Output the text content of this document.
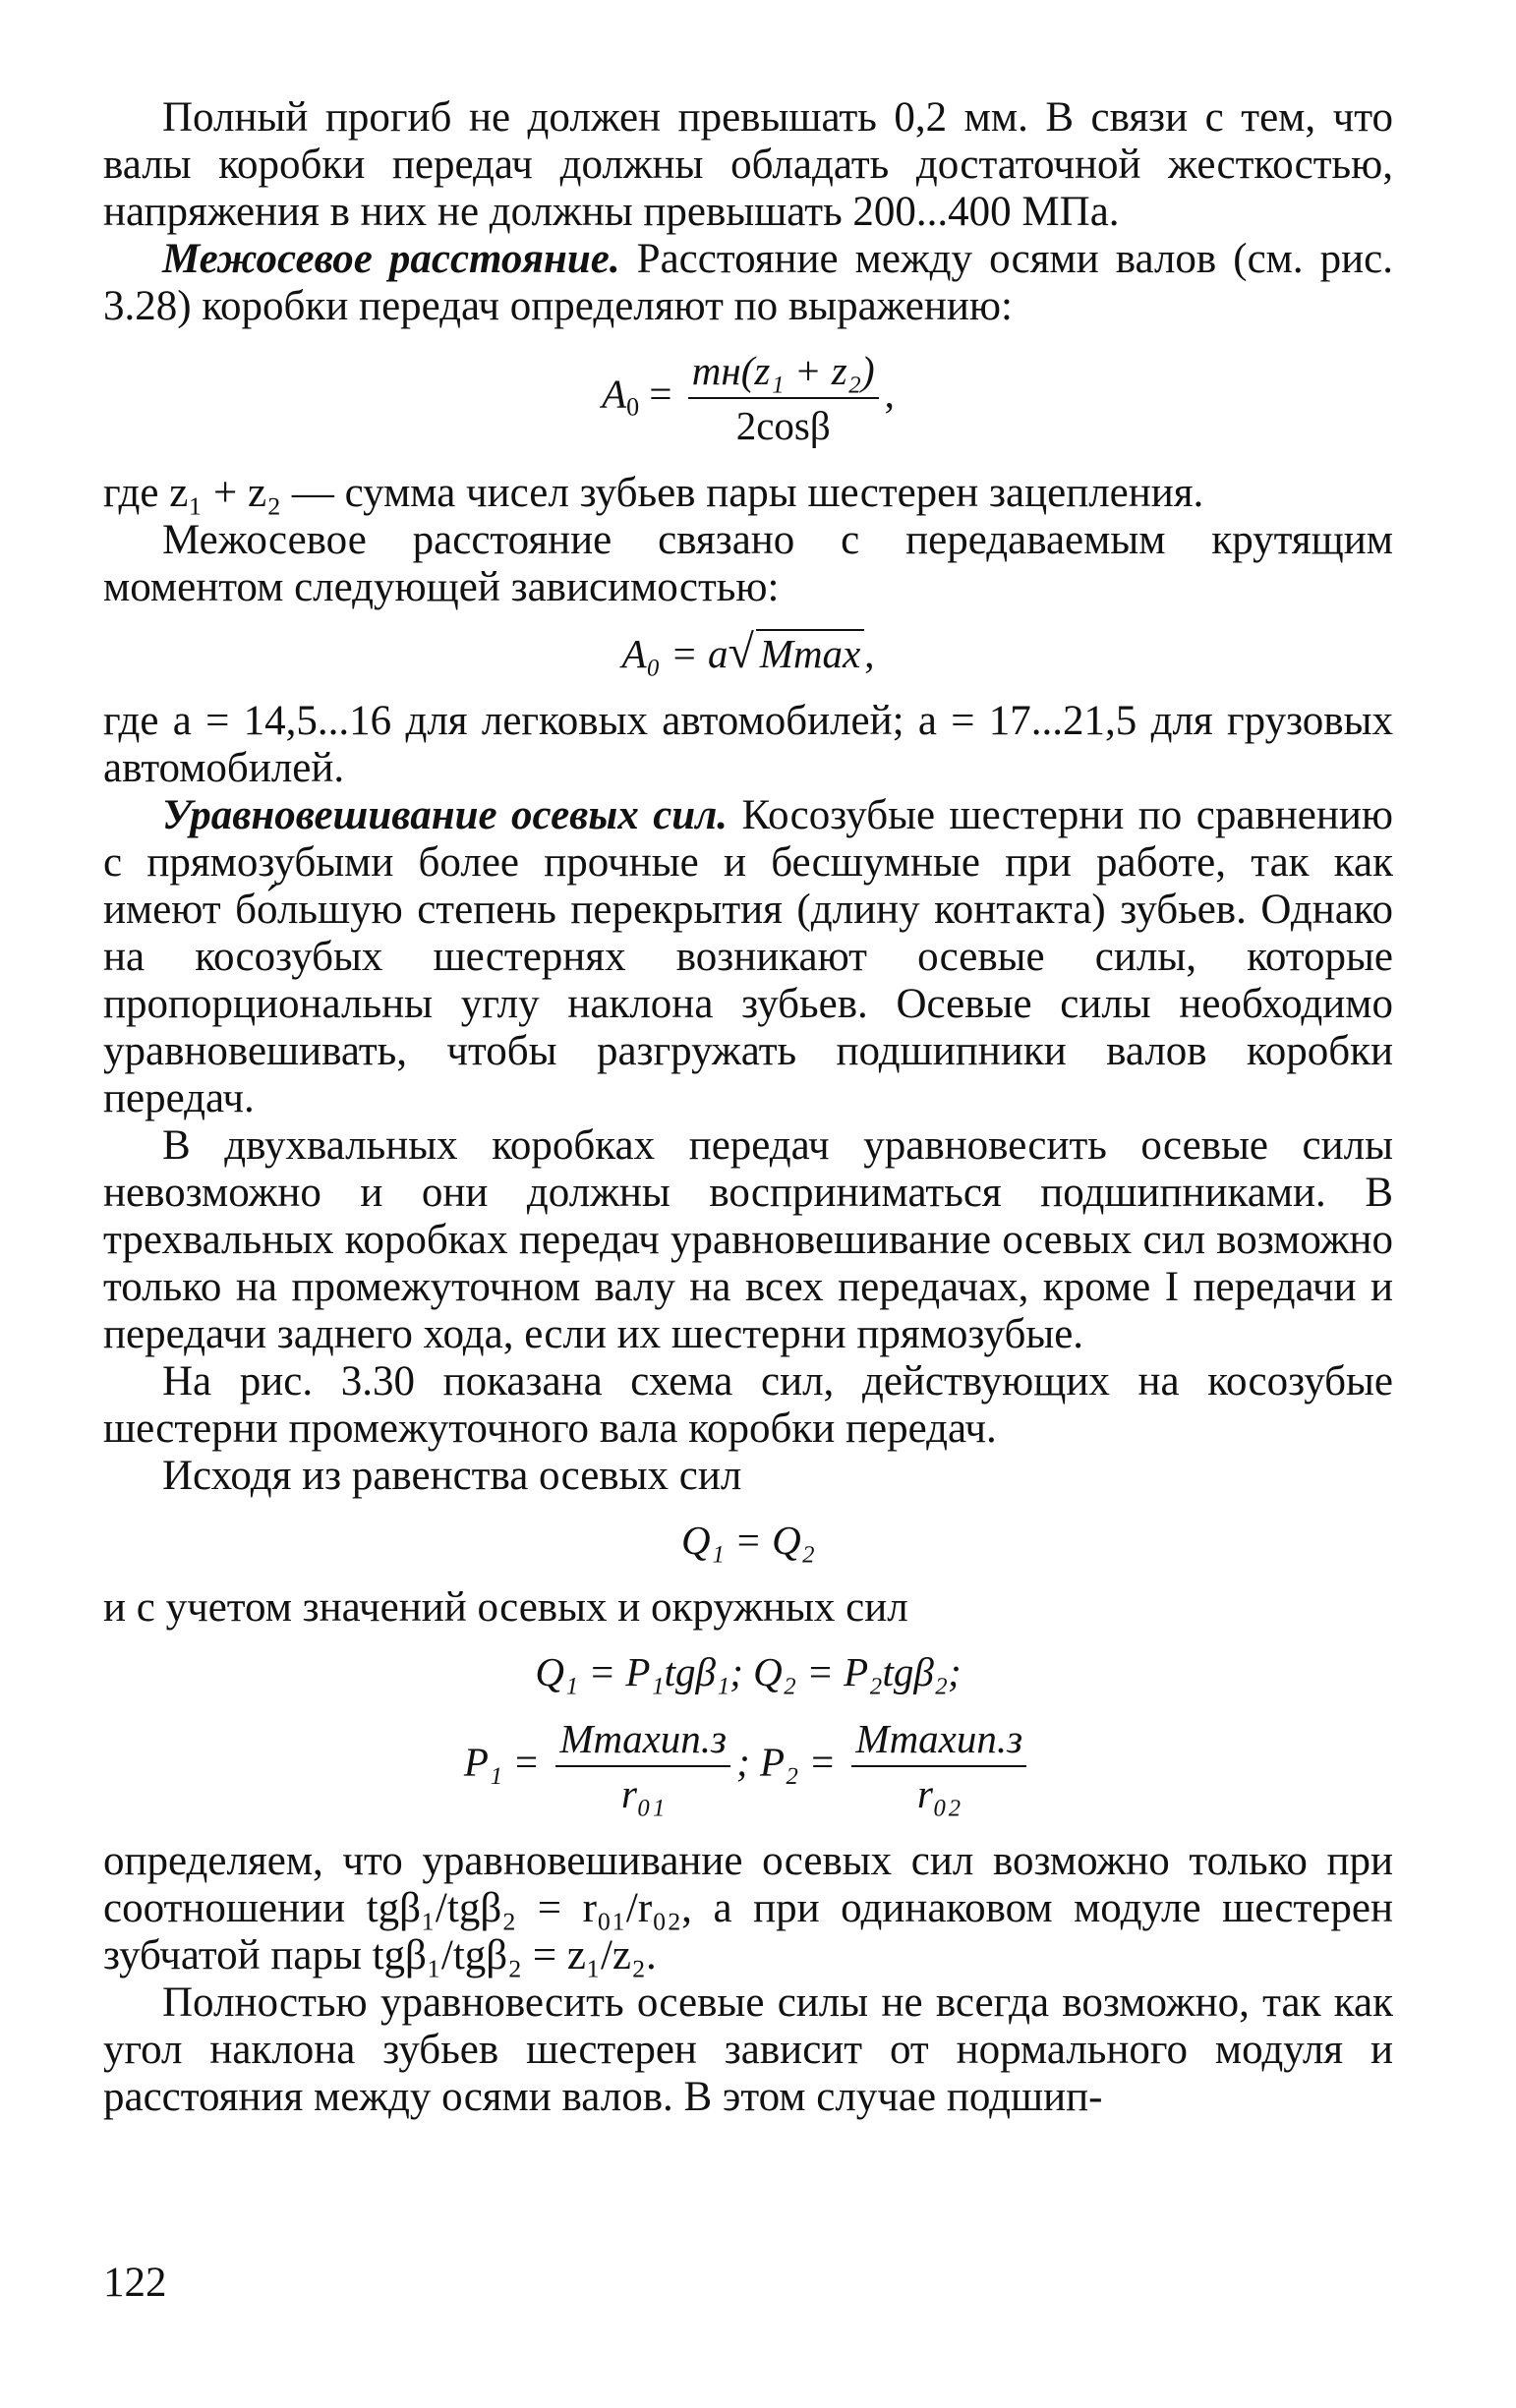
Полный прогиб не должен превышать 0,2 мм. В связи с тем, что валы коробки передач должны обладать достаточной жесткостью, напряжения в них не должны превышать 200...400 МПа.

Межосевое расстояние. Расстояние между осями валов (см. рис. 3.28) коробки передач определяют по выражению:

$A_0 = \frac{\text{mн(z₁ + z₂)}}{2\cos\beta}$ ,

где z₁ + z₂ — сумма чисел зубьев пары шестерен зацепления.

Межосевое расстояние связано с передаваемым крутящим моментом следующей зависимостью:

A₀ = a√ Mmax,

где a = 14,5...16 для легковых автомобилей; a = 17...21,5 для грузовых автомобилей.

Уравновешивание осевых сил. Косозубые шестерни по сравнению с прямозубыми более прочные и бесшумные при работе, так как имеют бо́льшую степень перекрытия (длину контакта) зубьев. Однако на косозубых шестернях возникают осевые силы, которые пропорциональны углу наклона зубьев. Осевые силы необходимо уравновешивать, чтобы разгружать подшипники валов коробки передач.

В двухвальных коробках передач уравновесить осевые силы невозможно и они должны восприниматься подшипниками. В трехвальных коробках передач уравновешивание осевых сил возможно только на промежуточном валу на всех передачах, кроме I передачи и передачи заднего хода, если их шестерни прямозубые.

На рис. 3.30 показана схема сил, действующих на косозубые шестерни промежуточного вала коробки передач.

Исходя из равенства осевых сил

Q₁ = Q₂

и с учетом значений осевых и окружных сил

Q₁ = P₁tgβ₁; Q₂ = P₂tgβ₂;
$P_1 = \frac{Mmaxuп.з}{\text{r₀₁}}$ ; $P_2 = \frac{Mmaxuп.з}{\text{r₀₂}}$

определяем, что уравновешивание осевых сил возможно только при соотношении tgβ₁/tgβ₂ = r₀₁/r₀₂, а при одинаковом модуле шестерен зубчатой пары tgβ₁/tgβ₂ = z₁/z₂.

Полностью уравновесить осевые силы не всегда возможно, так как угол наклона зубьев шестерен зависит от нормального модуля и расстояния между осями валов. В этом случае подшип-

122
